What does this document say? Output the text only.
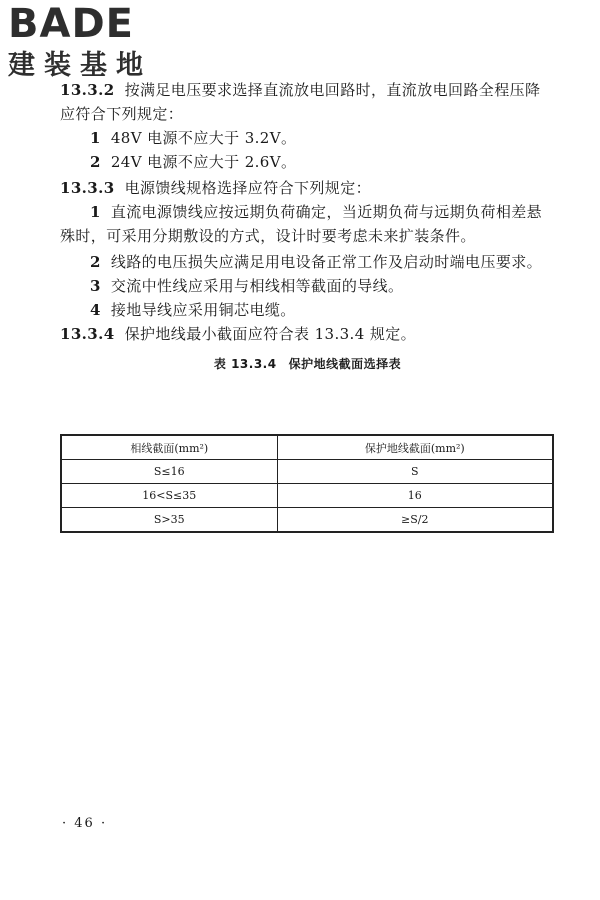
BADE
建装基地

13.3.2 按满足电压要求选择直流放电回路时，直流放电回路全程压降应符合下列规定：

1 48V 电源不应大于 3.2V。

2 24V 电源不应大于 2.6V。

13.3.3 电源馈线规格选择应符合下列规定：

1 直流电源馈线应按远期负荷确定，当近期负荷与远期负荷相差悬殊时，可采用分期敷设的方式，设计时要考虑未来扩装条件。

2 线路的电压损失应满足用电设备正常工作及启动时端电压要求。

3 交流中性线应采用与相线相等截面的导线。

4 接地导线应采用铜芯电缆。

13.3.4 保护地线最小截面应符合表 13.3.4 规定。

表 13.3.4 保护地线截面选择表
相线截面(mm²)	保护地线截面(mm²)
S≤16	S
16<S≤35	16
S>35	≥S/2
· 46 ·
